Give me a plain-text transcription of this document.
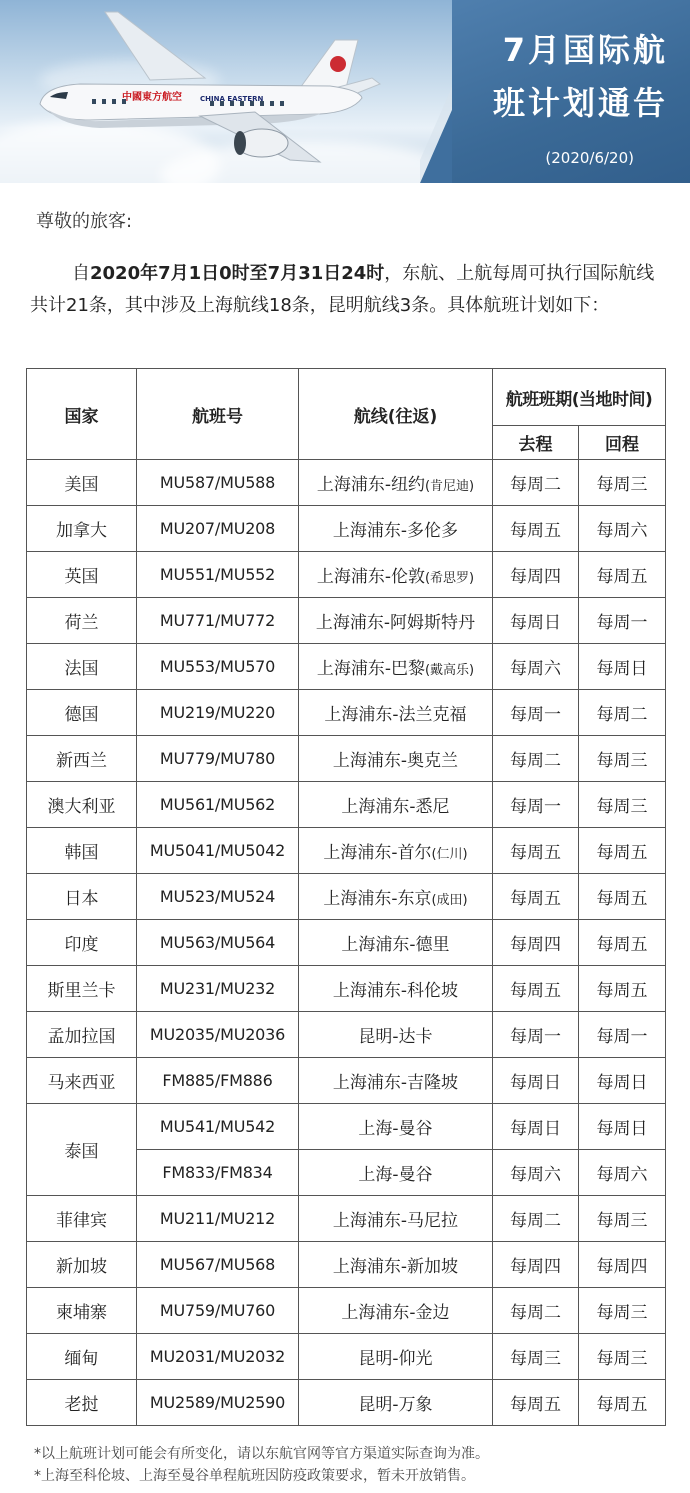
中國東方航空	CHINA EASTERN
7月国际航
班计划通告
(2020/6/20)
尊敬的旅客:
自2020年7月1日0时至7月31日24时，东航、上航每周可执行国际航线共计21条，其中涉及上海航线18条，昆明航线3条。具体航班计划如下：
国家	航班号	航线(往返)	航班班期(当地时间)	
			去程	回程
美国	MU587/MU588	上海浦东-纽约(肯尼迪)	每周二	每周三
加拿大	MU207/MU208	上海浦东-多伦多	每周五	每周六
英国	MU551/MU552	上海浦东-伦敦(希思罗)	每周四	每周五
荷兰	MU771/MU772	上海浦东-阿姆斯特丹	每周日	每周一
法国	MU553/MU570	上海浦东-巴黎(戴高乐)	每周六	每周日
德国	MU219/MU220	上海浦东-法兰克福	每周一	每周二
新西兰	MU779/MU780	上海浦东-奥克兰	每周二	每周三
澳大利亚	MU561/MU562	上海浦东-悉尼	每周一	每周三
韩国	MU5041/MU5042	上海浦东-首尔(仁川)	每周五	每周五
日本	MU523/MU524	上海浦东-东京(成田)	每周五	每周五
印度	MU563/MU564	上海浦东-德里	每周四	每周五
斯里兰卡	MU231/MU232	上海浦东-科伦坡	每周五	每周五
孟加拉国	MU2035/MU2036	昆明-达卡	每周一	每周一
马来西亚	FM885/FM886	上海浦东-吉隆坡	每周日	每周日
泰国	MU541/MU542	上海-曼谷	每周日	每周日
	FM833/FM834	上海-曼谷	每周六	每周六
菲律宾	MU211/MU212	上海浦东-马尼拉	每周二	每周三
新加坡	MU567/MU568	上海浦东-新加坡	每周四	每周四
柬埔寨	MU759/MU760	上海浦东-金边	每周二	每周三
缅甸	MU2031/MU2032	昆明-仰光	每周三	每周三
老挝	MU2589/MU2590	昆明-万象	每周五	每周五
*以上航班计划可能会有所变化，请以东航官网等官方渠道实际查询为准。
*上海至科伦坡、上海至曼谷单程航班因防疫政策要求，暂未开放销售。
